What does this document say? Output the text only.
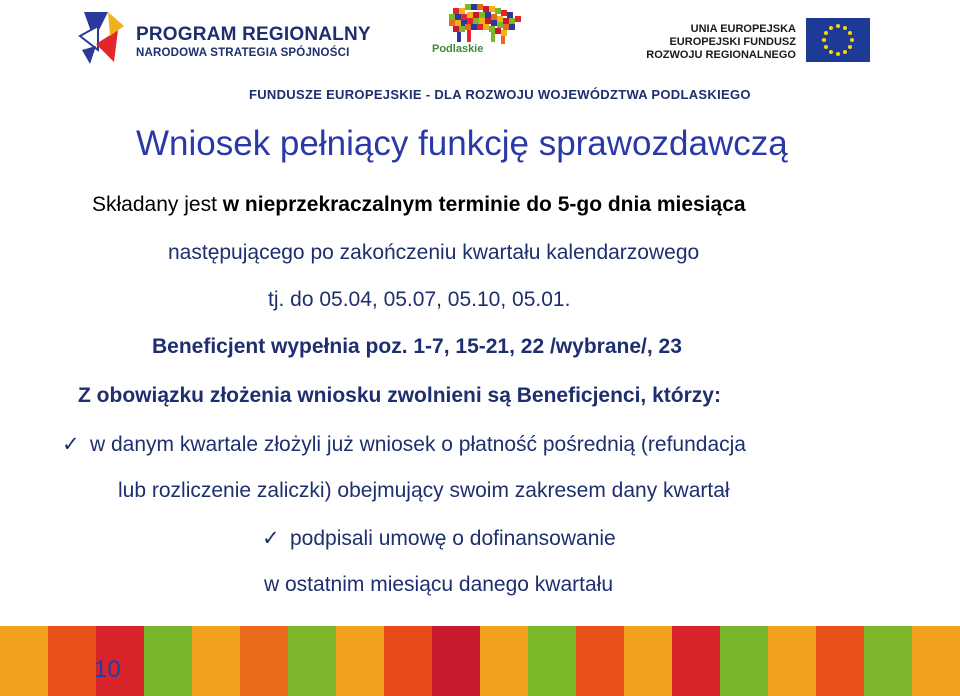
PROGRAM REGIONALNY
NARODOWA STRATEGIA SPÓJNOŚCI	Podlaskie
UNIA EUROPEJSKA
EUROPEJSKI FUNDUSZ
ROZWOJU REGIONALNEGO
FUNDUSZE EUROPEJSKIE - DLA ROZWOJU WOJEWÓDZTWA PODLASKIEGO
Wniosek pełniący funkcję sprawozdawczą
Składany jest w nieprzekraczalnym terminie do 5-go dnia miesiąca
następującego po zakończeniu kwartału kalendarzowego
tj. do 05.04, 05.07, 05.10, 05.01.
Beneficjent wypełnia poz. 1-7, 15-21, 22 /wybrane/, 23
Z obowiązku złożenia wniosku zwolnieni są Beneficjenci, którzy:
✓ w danym kwartale złożyli już wniosek o płatność pośrednią (refundacja
lub rozliczenie zaliczki) obejmujący swoim zakresem dany kwartał
✓ podpisali umowę o dofinansowanie
w ostatnim miesiącu danego kwartału
10
